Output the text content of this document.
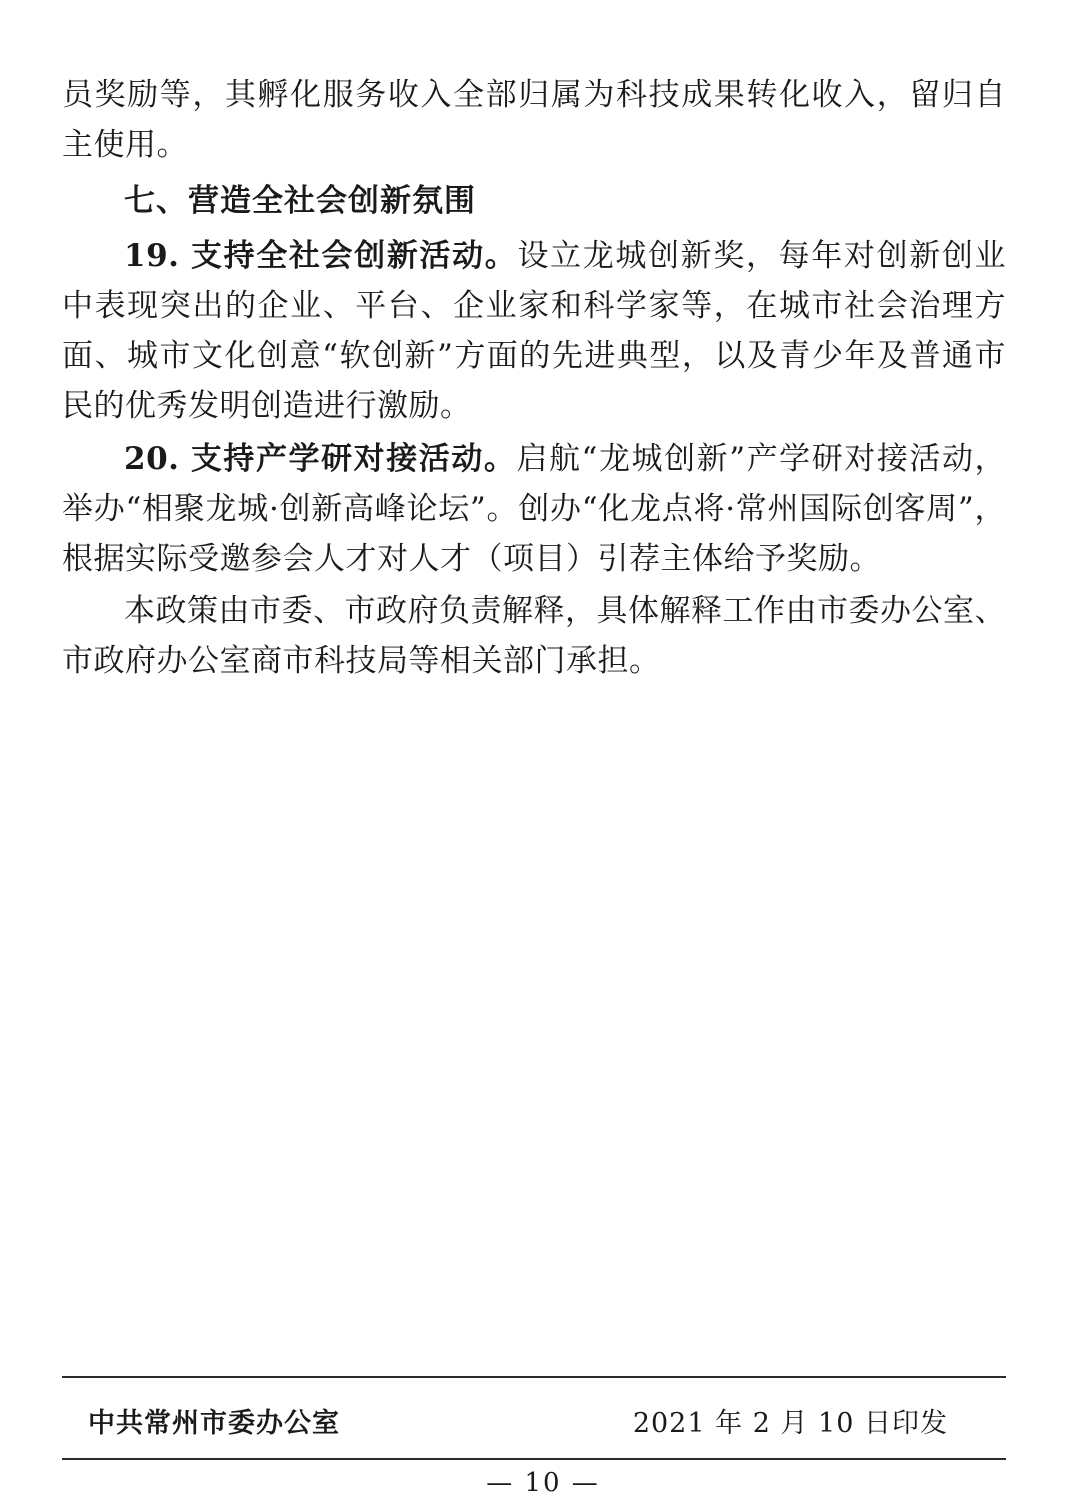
员奖励等，其孵化服务收入全部归属为科技成果转化收入，留归自主使用。

七、营造全社会创新氛围

19. 支持全社会创新活动。设立龙城创新奖，每年对创新创业中表现突出的企业、平台、企业家和科学家等，在城市社会治理方面、城市文化创意“软创新”方面的先进典型，以及青少年及普通市民的优秀发明创造进行激励。

20. 支持产学研对接活动。启航“龙城创新”产学研对接活动，举办“相聚龙城·创新高峰论坛”。创办“化龙点将·常州国际创客周”，根据实际受邀参会人才对人才（项目）引荐主体给予奖励。

本政策由市委、市政府负责解释，具体解释工作由市委办公室、市政府办公室商市科技局等相关部门承担。

中共常州市委办公室	2021 年 2 月 10 日印发
— 10 —
